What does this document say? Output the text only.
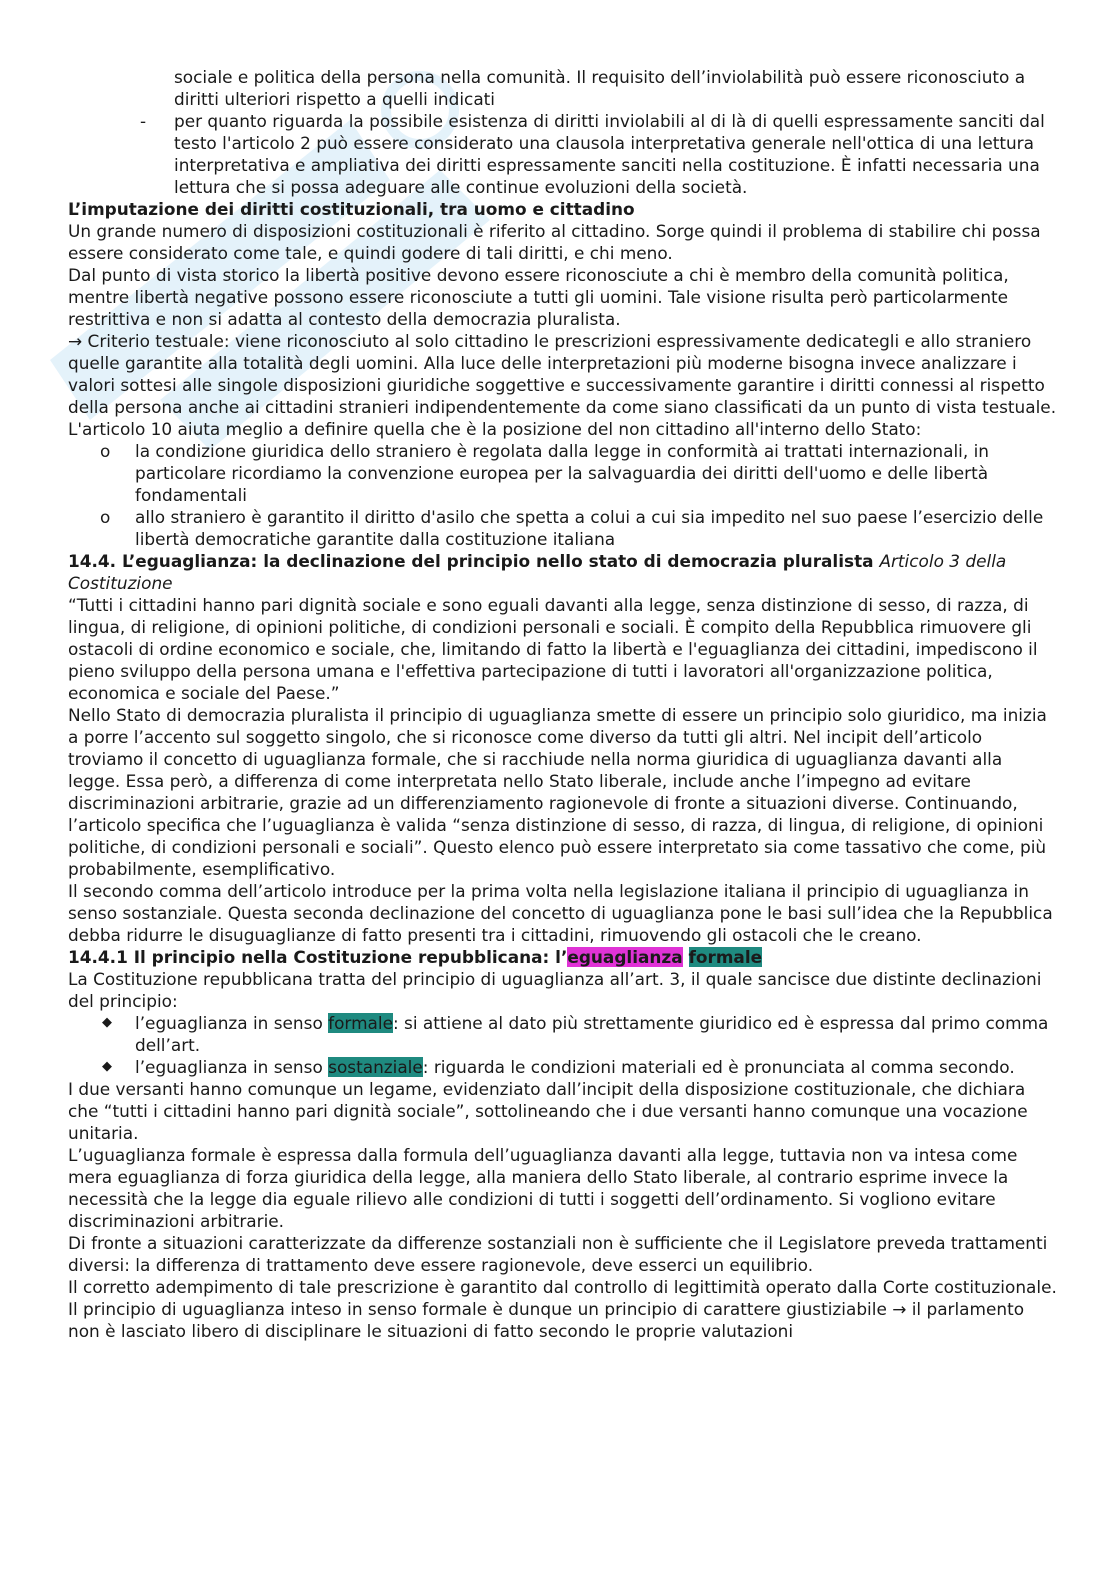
sociale e politica della persona nella comunità. Il requisito dell’inviolabilità può essere riconosciuto a diritti ulteriori rispetto a quelli indicati
- per quanto riguarda la possibile esistenza di diritti inviolabili al di là di quelli espressamente sanciti dal testo l'articolo 2 può essere considerato una clausola interpretativa generale nell'ottica di una lettura interpretativa e ampliativa dei diritti espressamente sanciti nella costituzione. È infatti necessaria una lettura che si possa adeguare alle continue evoluzioni della società.
L’imputazione dei diritti costituzionali, tra uomo e cittadino

Un grande numero di disposizioni costituzionali è riferito al cittadino. Sorge quindi il problema di stabilire chi possa essere considerato come tale, e quindi godere di tali diritti, e chi meno.

Dal punto di vista storico la libertà positive devono essere riconosciute a chi è membro della comunità politica, mentre libertà negative possono essere riconosciute a tutti gli uomini. Tale visione risulta però particolarmente restrittiva e non si adatta al contesto della democrazia pluralista.

→ Criterio testuale: viene riconosciuto al solo cittadino le prescrizioni espressivamente dedicategli e allo straniero quelle garantite alla totalità degli uomini. Alla luce delle interpretazioni più moderne bisogna invece analizzare i valori sottesi alle singole disposizioni giuridiche soggettive e successivamente garantire i diritti connessi al rispetto della persona anche ai cittadini stranieri indipendentemente da come siano classificati da un punto di vista testuale.

L'articolo 10 aiuta meglio a definire quella che è la posizione del non cittadino all'interno dello Stato:

o la condizione giuridica dello straniero è regolata dalla legge in conformità ai trattati internazionali, in particolare ricordiamo la convenzione europea per la salvaguardia dei diritti dell'uomo e delle libertà fondamentali
o allo straniero è garantito il diritto d'asilo che spetta a colui a cui sia impedito nel suo paese l’esercizio delle libertà democratiche garantite dalla costituzione italiana
14.4. L’eguaglianza: la declinazione del principio nello stato di democrazia pluralista Articolo 3 della Costituzione

“Tutti i cittadini hanno pari dignità sociale e sono eguali davanti alla legge, senza distinzione di sesso, di razza, di lingua, di religione, di opinioni politiche, di condizioni personali e sociali. È compito della Repubblica rimuovere gli ostacoli di ordine economico e sociale, che, limitando di fatto la libertà e l'eguaglianza dei cittadini, impediscono il pieno sviluppo della persona umana e l'effettiva partecipazione di tutti i lavoratori all'organizzazione politica, economica e sociale del Paese.”

Nello Stato di democrazia pluralista il principio di uguaglianza smette di essere un principio solo giuridico, ma inizia a porre l’accento sul soggetto singolo, che si riconosce come diverso da tutti gli altri. Nel incipit dell’articolo troviamo il concetto di uguaglianza formale, che si racchiude nella norma giuridica di uguaglianza davanti alla legge. Essa però, a differenza di come interpretata nello Stato liberale, include anche l’impegno ad evitare discriminazioni arbitrarie, grazie ad un differenziamento ragionevole di fronte a situazioni diverse. Continuando, l’articolo specifica che l’uguaglianza è valida “senza distinzione di sesso, di razza, di lingua, di religione, di opinioni politiche, di condizioni personali e sociali”. Questo elenco può essere interpretato sia come tassativo che come, più probabilmente, esemplificativo.

Il secondo comma dell’articolo introduce per la prima volta nella legislazione italiana il principio di uguaglianza in senso sostanziale. Questa seconda declinazione del concetto di uguaglianza pone le basi sull’idea che la Repubblica debba ridurre le disuguaglianze di fatto presenti tra i cittadini, rimuovendo gli ostacoli che le creano.

14.4.1 Il principio nella Costituzione repubblicana: l’eguaglianza formale

La Costituzione repubblicana tratta del principio di uguaglianza all’art. 3, il quale sancisce due distinte declinazioni del principio:

◆ l’eguaglianza in senso formale: si attiene al dato più strettamente giuridico ed è espressa dal primo comma dell’art.
◆ l’eguaglianza in senso sostanziale: riguarda le condizioni materiali ed è pronunciata al comma secondo.

I due versanti hanno comunque un legame, evidenziato dall’incipit della disposizione costituzionale, che dichiara che “tutti i cittadini hanno pari dignità sociale”, sottolineando che i due versanti hanno comunque una vocazione unitaria.

L’uguaglianza formale è espressa dalla formula dell’uguaglianza davanti alla legge, tuttavia non va intesa come mera eguaglianza di forza giuridica della legge, alla maniera dello Stato liberale, al contrario esprime invece la necessità che la legge dia eguale rilievo alle condizioni di tutti i soggetti dell’ordinamento. Si vogliono evitare discriminazioni arbitrarie.

Di fronte a situazioni caratterizzate da differenze sostanziali non è sufficiente che il Legislatore preveda trattamenti diversi: la differenza di trattamento deve essere ragionevole, deve esserci un equilibrio.

Il corretto adempimento di tale prescrizione è garantito dal controllo di legittimità operato dalla Corte costituzionale.

Il principio di uguaglianza inteso in senso formale è dunque un principio di carattere giustiziabile → il parlamento non è lasciato libero di disciplinare le situazioni di fatto secondo le proprie valutazioni
